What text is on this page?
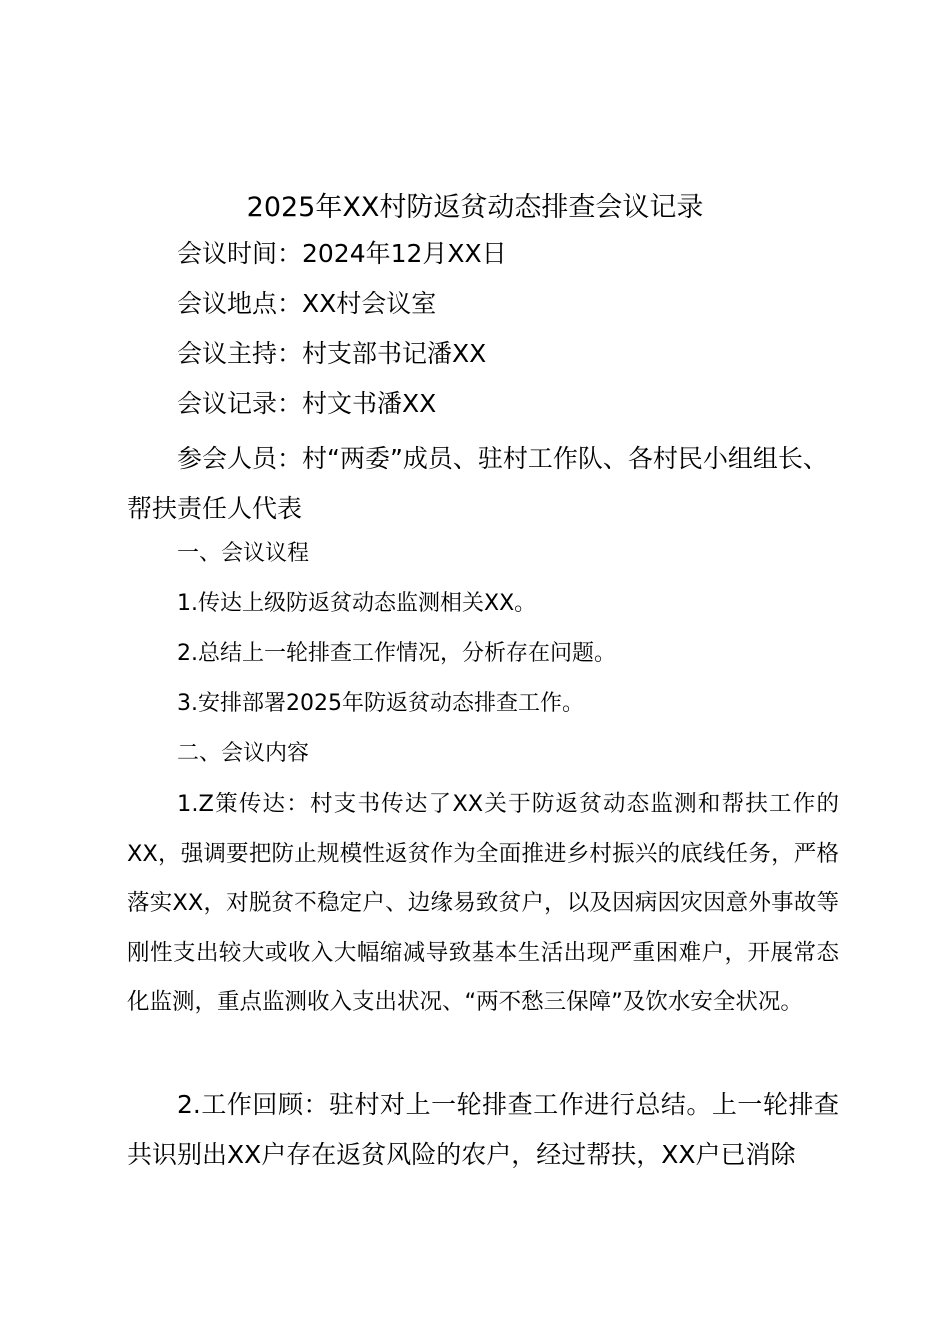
2025年XX村防返贫动态排查会议记录
会议时间：2024年12月XX日
会议地点：XX村会议室
会议主持：村支部书记潘XX
会议记录：村文书潘XX

参会人员：村“两委”成员、驻村工作队、各村民小组组长、帮扶责任人代表

一、会议议程
1.传达上级防返贫动态监测相关XX。
2.总结上一轮排查工作情况，分析存在问题。
3.安排部署2025年防返贫动态排查工作。
二、会议内容

1.Z策传达：村支书传达了XX关于防返贫动态监测和帮扶工作的XX，强调要把防止规模性返贫作为全面推进乡村振兴的底线任务，严格落实XX，对脱贫不稳定户、边缘易致贫户，以及因病因灾因意外事故等刚性支出较大或收入大幅缩减导致基本生活出现严重困难户，开展常态化监测，重点监测收入支出状况、“两不愁三保障”及饮水安全状况。

2.工作回顾：驻村对上一轮排查工作进行总结。上一轮排查共识别出XX户存在返贫风险的农户，经过帮扶，XX户已消除
